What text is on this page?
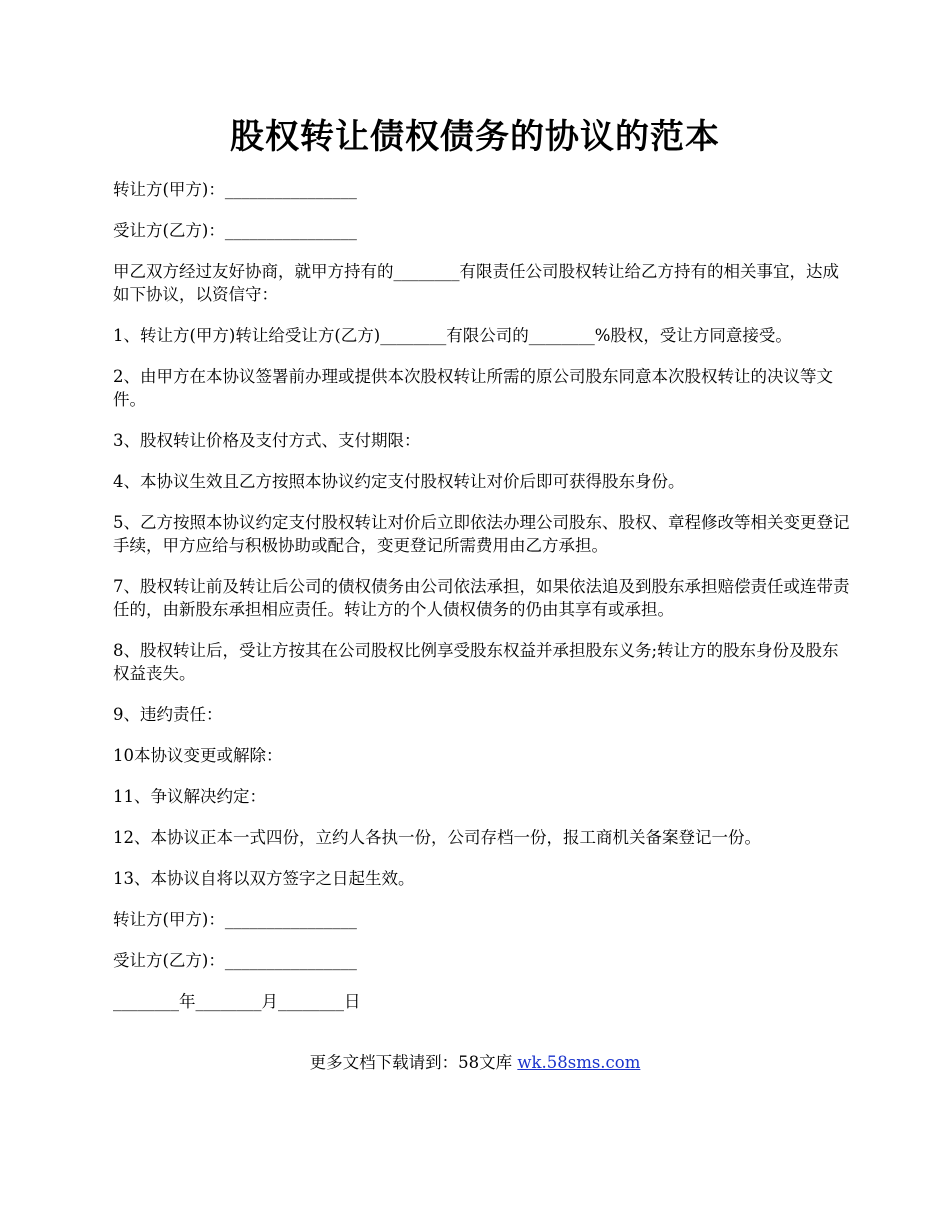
股权转让债权债务的协议的范本

转让方(甲方)：________________

受让方(乙方)：________________

甲乙双方经过友好协商，就甲方持有的________有限责任公司股权转让给乙方持有的相关事宜，达成如下协议，以资信守：

1、转让方(甲方)转让给受让方(乙方)________有限公司的________%股权，受让方同意接受。

2、由甲方在本协议签署前办理或提供本次股权转让所需的原公司股东同意本次股权转让的决议等文件。

3、股权转让价格及支付方式、支付期限：

4、本协议生效且乙方按照本协议约定支付股权转让对价后即可获得股东身份。

5、乙方按照本协议约定支付股权转让对价后立即依法办理公司股东、股权、章程修改等相关变更登记手续，甲方应给与积极协助或配合，变更登记所需费用由乙方承担。

7、股权转让前及转让后公司的债权债务由公司依法承担，如果依法追及到股东承担赔偿责任或连带责任的，由新股东承担相应责任。转让方的个人债权债务的仍由其享有或承担。

8、股权转让后，受让方按其在公司股权比例享受股东权益并承担股东义务;转让方的股东身份及股东权益丧失。

9、违约责任：

10本协议变更或解除：

11、争议解决约定：

12、本协议正本一式四份，立约人各执一份，公司存档一份，报工商机关备案登记一份。

13、本协议自将以双方签字之日起生效。

转让方(甲方)：________________

受让方(乙方)：________________

________年________月________日

更多文档下载请到：58文库 wk.58sms.com
